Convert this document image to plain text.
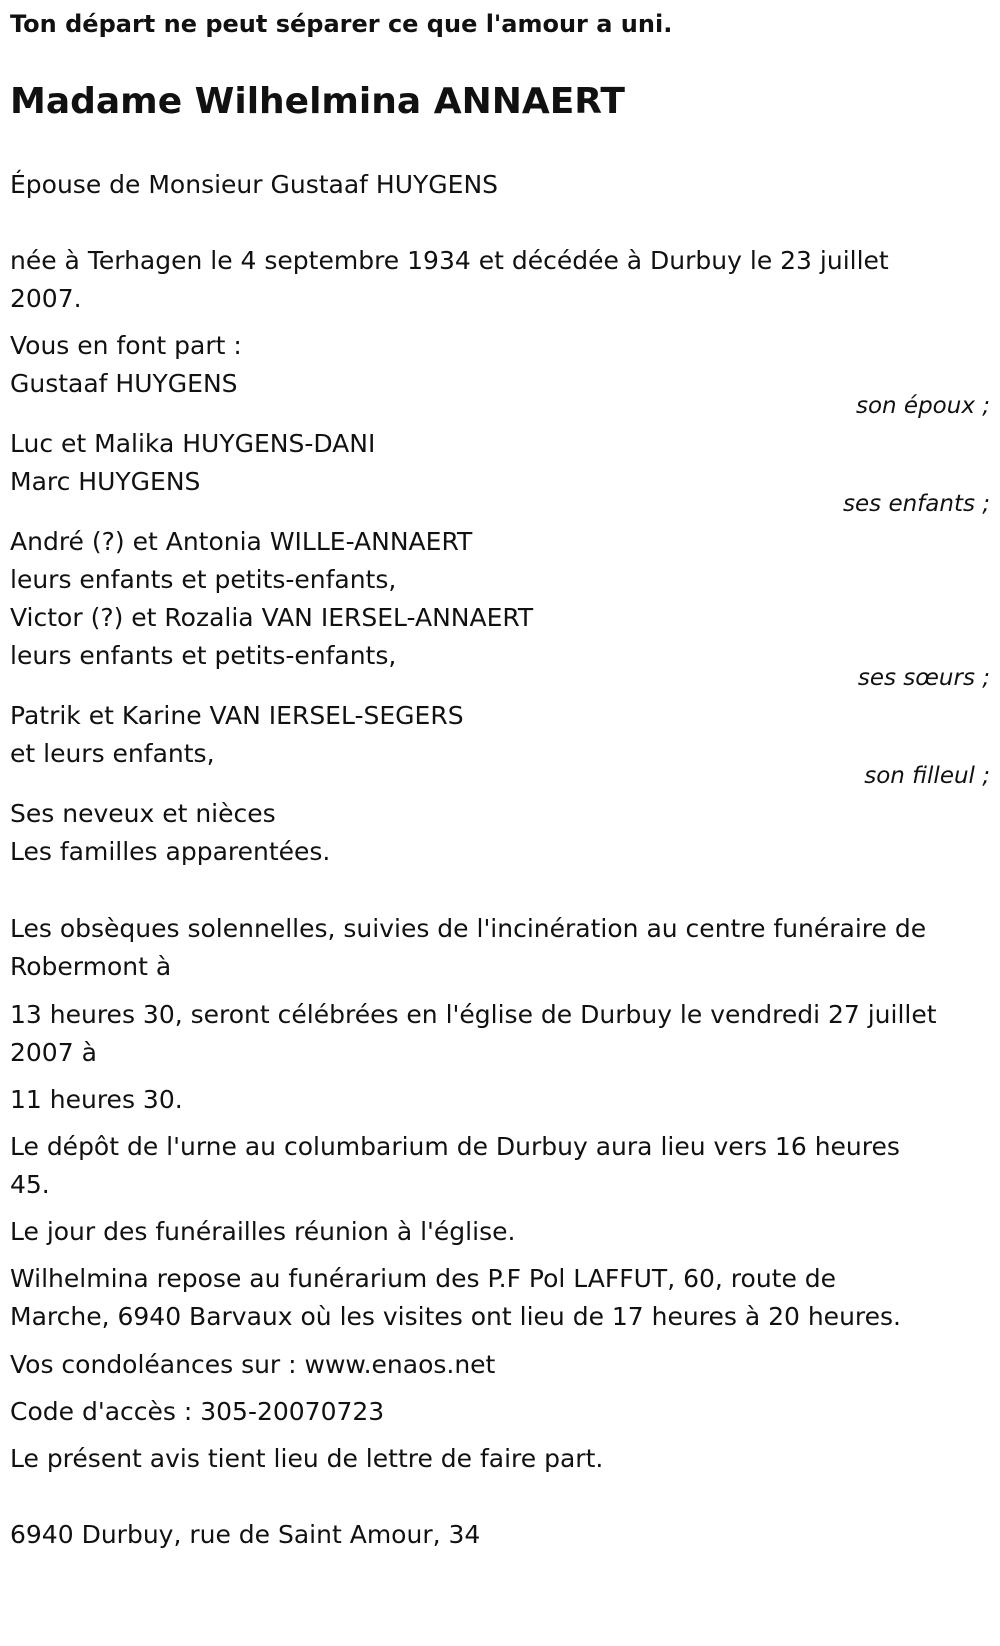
Ton départ ne peut séparer ce que l'amour a uni.
Madame Wilhelmina ANNAERT
Épouse de Monsieur Gustaaf HUYGENS
née à Terhagen le 4 septembre 1934 et décédée à Durbuy le 23 juillet
2007.
Vous en font part :
Gustaaf HUYGENS
son époux ;
Luc et Malika HUYGENS-DANI
Marc HUYGENS
ses enfants ;
André (?) et Antonia WILLE-ANNAERT
leurs enfants et petits-enfants,
Victor (?) et Rozalia VAN IERSEL-ANNAERT
leurs enfants et petits-enfants,
ses sœurs ;
Patrik et Karine VAN IERSEL-SEGERS
et leurs enfants,
son filleul ;
Ses neveux et nièces
Les familles apparentées.
Les obsèques solennelles, suivies de l'incinération au centre funéraire de
Robermont à
13 heures 30, seront célébrées en l'église de Durbuy le vendredi 27 juillet
2007 à
11 heures 30.
Le dépôt de l'urne au columbarium de Durbuy aura lieu vers 16 heures
45.
Le jour des funérailles réunion à l'église.
Wilhelmina repose au funérarium des P.F Pol LAFFUT, 60, route de
Marche, 6940 Barvaux où les visites ont lieu de 17 heures à 20 heures.
Vos condoléances sur : www.enaos.net
Code d'accès : 305-20070723
Le présent avis tient lieu de lettre de faire part.
6940 Durbuy, rue de Saint Amour, 34
